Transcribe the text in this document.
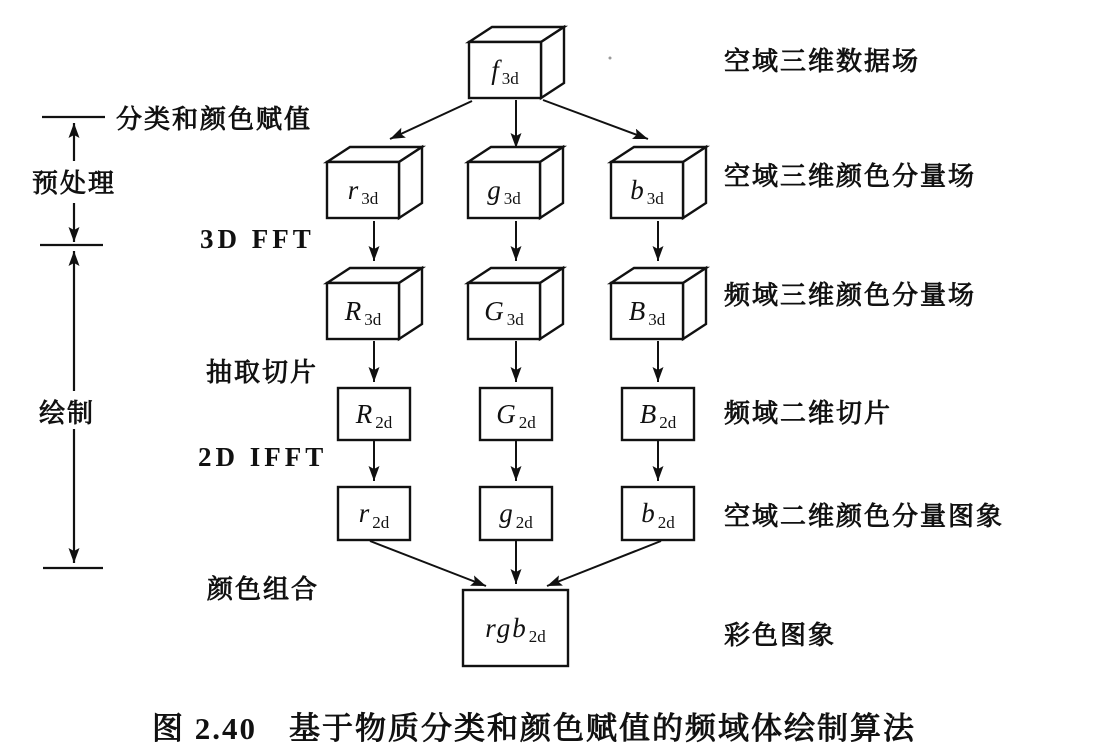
分类和颜色赋值
预处理
3D FFT
抽取切片
绘制
2D IFFT
颜色组合
空域三维数据场
空域三维颜色分量场
频域三维颜色分量场
频域二维切片
空域二维颜色分量图象
彩色图象
f 3d
r 3d	g 3d	b 3d
R 3d	G 3d	B 3d
R 2d	G 2d	B 2d
r 2d	g 2d	b 2d
rgb 2d
图 2.40 基于物质分类和颜色赋值的频域体绘制算法
